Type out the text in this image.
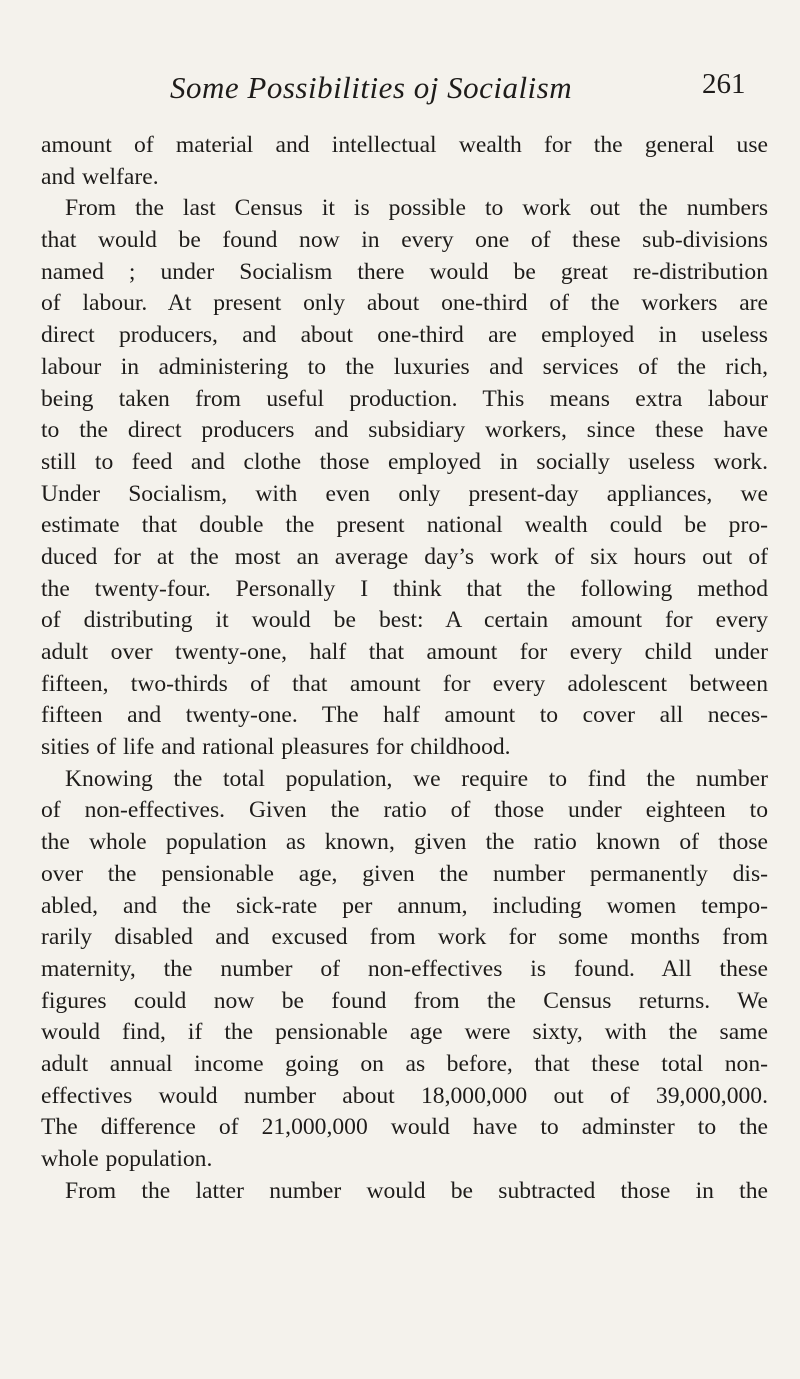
Some Possibilities oj Socialism	261
amount of material and intellectual wealth for the general use
and welfare.
From the last Census it is possible to work out the numbers
that would be found now in every one of these sub-divisions
named ; under Socialism there would be great re-distribution
of labour. At present only about one-third of the workers are
direct producers, and about one-third are employed in useless
labour in administering to the luxuries and services of the rich,
being taken from useful production. This means extra labour
to the direct producers and subsidiary workers, since these have
still to feed and clothe those employed in socially useless work.
Under Socialism, with even only present-day appliances, we
estimate that double the present national wealth could be pro-
duced for at the most an average day’s work of six hours out of
the twenty-four. Personally I think that the following method
of distributing it would be best: A certain amount for every
adult over twenty-one, half that amount for every child under
fifteen, two-thirds of that amount for every adolescent between
fifteen and twenty-one. The half amount to cover all neces-
sities of life and rational pleasures for childhood.
Knowing the total population, we require to find the number
of non-effectives. Given the ratio of those under eighteen to
the whole population as known, given the ratio known of those
over the pensionable age, given the number permanently dis-
abled, and the sick-rate per annum, including women tempo-
rarily disabled and excused from work for some months from
maternity, the number of non-effectives is found. All these
figures could now be found from the Census returns. We
would find, if the pensionable age were sixty, with the same
adult annual income going on as before, that these total non-
effectives would number about 18,000,000 out of 39,000,000.
The difference of 21,000,000 would have to adminster to the
whole population.
From the latter number would be subtracted those in the
